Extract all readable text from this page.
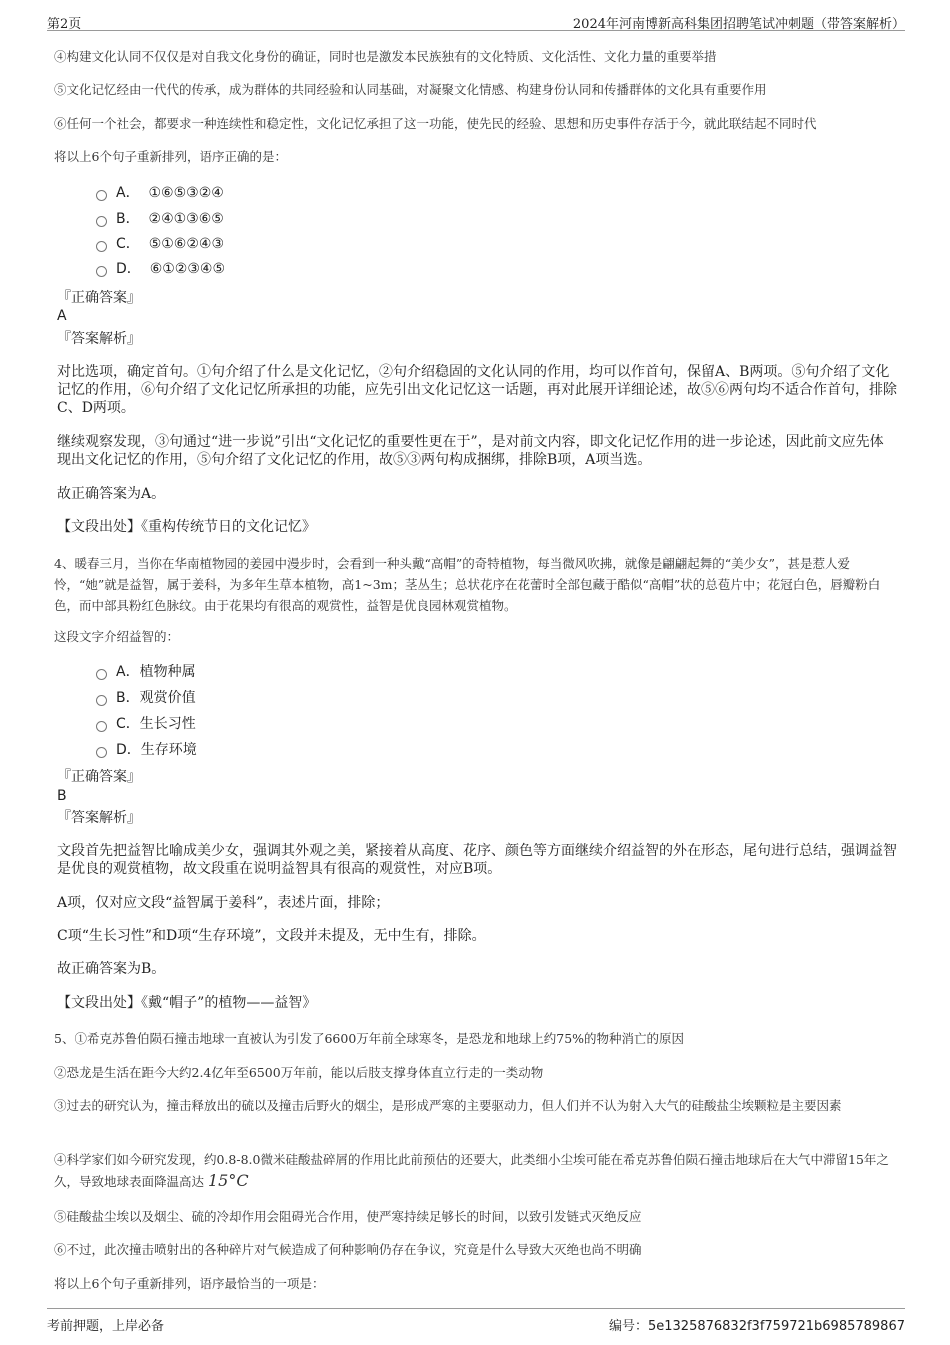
第2页	2024年河南博新高科集团招聘笔试冲刺题（带答案解析）
④构建文化认同不仅仅是对自我文化身份的确证，同时也是激发本民族独有的文化特质、文化活性、文化力量的重要举措
⑤文化记忆经由一代代的传承，成为群体的共同经验和认同基础，对凝聚文化情感、构建身份认同和传播群体的文化具有重要作用
⑥任何一个社会，都要求一种连续性和稳定性，文化记忆承担了这一功能，使先民的经验、思想和历史事件存活于今，就此联结起不同时代
将以上6个句子重新排列，语序正确的是：
A． ①⑥⑤③②④
B． ②④①③⑥⑤
C． ⑤①⑥②④③
D． ⑥①②③④⑤
『正确答案』
A
『答案解析』
对比选项，确定首句。①句介绍了什么是文化记忆，②句介绍稳固的文化认同的作用，均可以作首句，保留A、B两项。⑤句介绍了文化记忆的作用，⑥句介绍了文化记忆所承担的功能，应先引出文化记忆这一话题，再对此展开详细论述，故⑤⑥两句均不适合作首句，排除C、D两项。
继续观察发现，③句通过“进一步说”引出“文化记忆的重要性更在于”，是对前文内容，即文化记忆作用的进一步论述，因此前文应先体现出文化记忆的作用，⑤句介绍了文化记忆的作用，故⑤③两句构成捆绑，排除B项，A项当选。
故正确答案为A。
【文段出处】《重构传统节日的文化记忆》
4、暖春三月，当你在华南植物园的姜园中漫步时，会看到一种头戴“高帽”的奇特植物，每当微风吹拂，就像是翩翩起舞的“美少女”，甚是惹人爱怜，“她”就是益智，属于姜科，为多年生草本植物，高1~3m；茎丛生；总状花序在花蕾时全部包藏于酷似“高帽”状的总苞片中；花冠白色，唇瓣粉白色，而中部具粉红色脉纹。由于花果均有很高的观赏性，益智是优良园林观赏植物。
这段文字介绍益智的：
A．植物种属
B．观赏价值
C．生长习性
D．生存环境
『正确答案』
B
『答案解析』
文段首先把益智比喻成美少女，强调其外观之美，紧接着从高度、花序、颜色等方面继续介绍益智的外在形态，尾句进行总结，强调益智是优良的观赏植物，故文段重在说明益智具有很高的观赏性，对应B项。
A项，仅对应文段“益智属于姜科”，表述片面，排除；
C项“生长习性”和D项“生存环境”，文段并未提及，无中生有，排除。
故正确答案为B。
【文段出处】《戴“帽子”的植物——益智》
5、①希克苏鲁伯陨石撞击地球一直被认为引发了6600万年前全球寒冬，是恐龙和地球上约75%的物种消亡的原因
②恐龙是生活在距今大约2.4亿年至6500万年前，能以后肢支撑身体直立行走的一类动物
③过去的研究认为，撞击释放出的硫以及撞击后野火的烟尘，是形成严寒的主要驱动力，但人们并不认为射入大气的硅酸盐尘埃颗粒是主要因素
④科学家们如今研究发现，约0.8-8.0微米硅酸盐碎屑的作用比此前预估的还要大，此类细小尘埃可能在希克苏鲁伯陨石撞击地球后在大气中滞留15年之久，导致地球表面降温高达 15°C
⑤硅酸盐尘埃以及烟尘、硫的冷却作用会阻碍光合作用，使严寒持续足够长的时间，以致引发链式灭绝反应
⑥不过，此次撞击喷射出的各种碎片对气候造成了何种影响仍存在争议，究竟是什么导致大灭绝也尚不明确
将以上6个句子重新排列，语序最恰当的一项是：
考前押题，上岸必备	编号：5e1325876832f3f759721b6985789867
